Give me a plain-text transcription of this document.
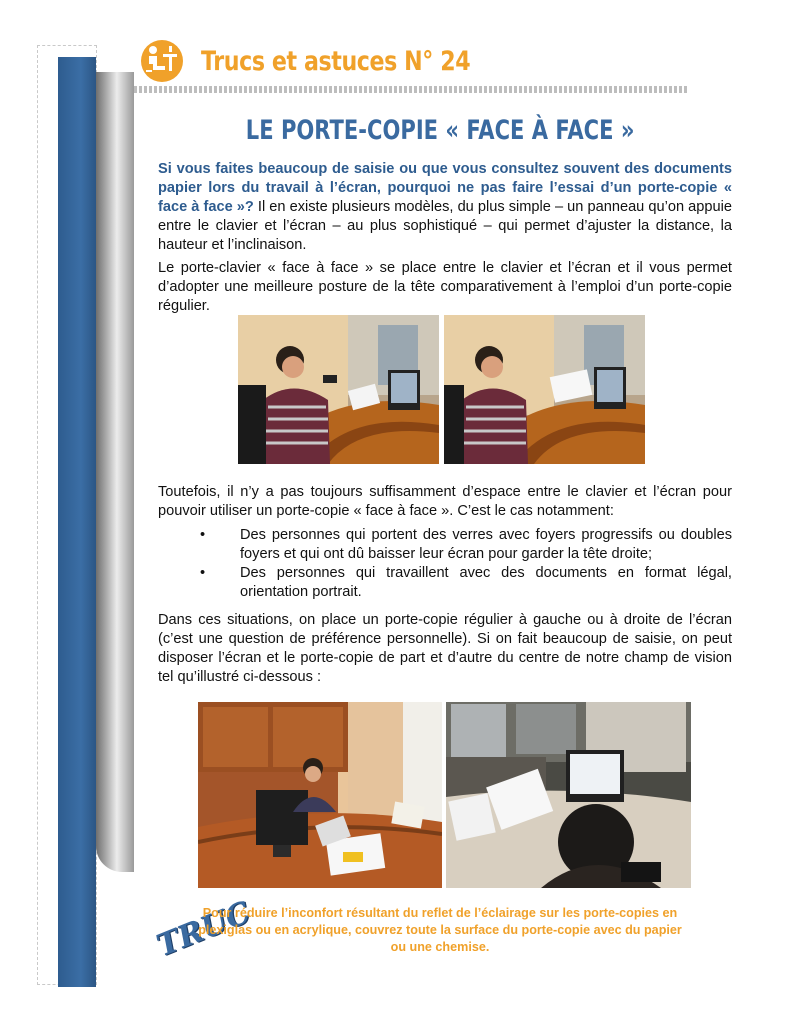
Trucs et astuces N° 24
LE PORTE-COPIE « FACE À FACE »
Si vous faites beaucoup de saisie ou que vous consultez souvent des documents papier lors du travail à l’écran, pourquoi ne pas faire l’essai d’un porte-copie « face à face »? Il en existe plusieurs modèles, du plus simple – un panneau qu’on appuie entre le clavier et l’écran – au plus sophistiqué – qui permet d’ajuster la distance, la hauteur et l’inclinaison.
Le porte-clavier « face à face » se place entre le clavier et l’écran et il vous permet d’adopter une meilleure posture de la tête comparativement à l’emploi d’un porte-copie régulier.
Toutefois, il n’y a pas toujours suffisamment d’espace entre le clavier et l’écran pour pouvoir utiliser un porte-copie « face à face ». C’est le cas notamment:
•	Des personnes qui portent des verres avec foyers progressifs ou doubles foyers et qui ont dû baisser leur écran pour garder la tête droite;
•	Des personnes qui travaillent avec des documents en format légal, orientation portrait.
Dans ces situations, on place un porte-copie régulier à gauche ou à droite de l’écran (c’est une question de préférence personnelle). Si on fait beaucoup de saisie, on peut disposer l’écran et le porte-copie de part et d’autre du centre de notre champ de vision tel qu’illustré ci-dessous :
TRUC
Pour réduire l’inconfort résultant du reflet de l’éclairage sur les porte-copies en plexiglas ou en acrylique, couvrez toute la surface du porte-copie avec du papier ou une chemise.
